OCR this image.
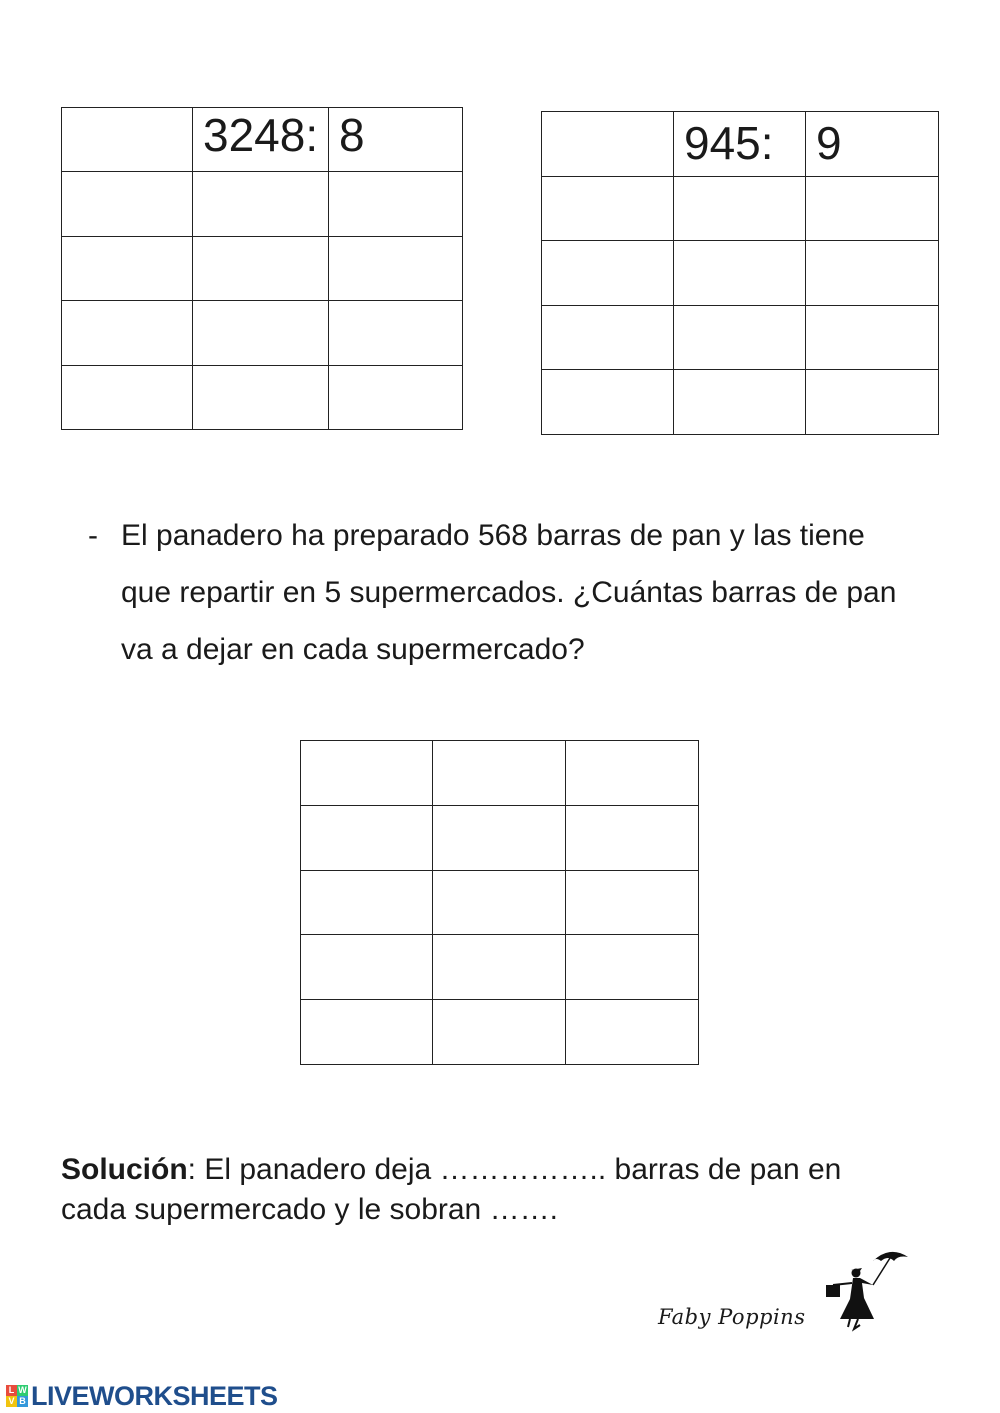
	3248:	8

	945:	9

- El panadero ha preparado 568 barras de pan y las tiene que repartir en 5 supermercados. ¿Cuántas barras de pan va a dejar en cada supermercado?

Solución: El panadero deja …………….. barras de pan en
cada supermercado y le sobran …….
Faby Poppins
L W
V B LIVEWORKSHEETS
